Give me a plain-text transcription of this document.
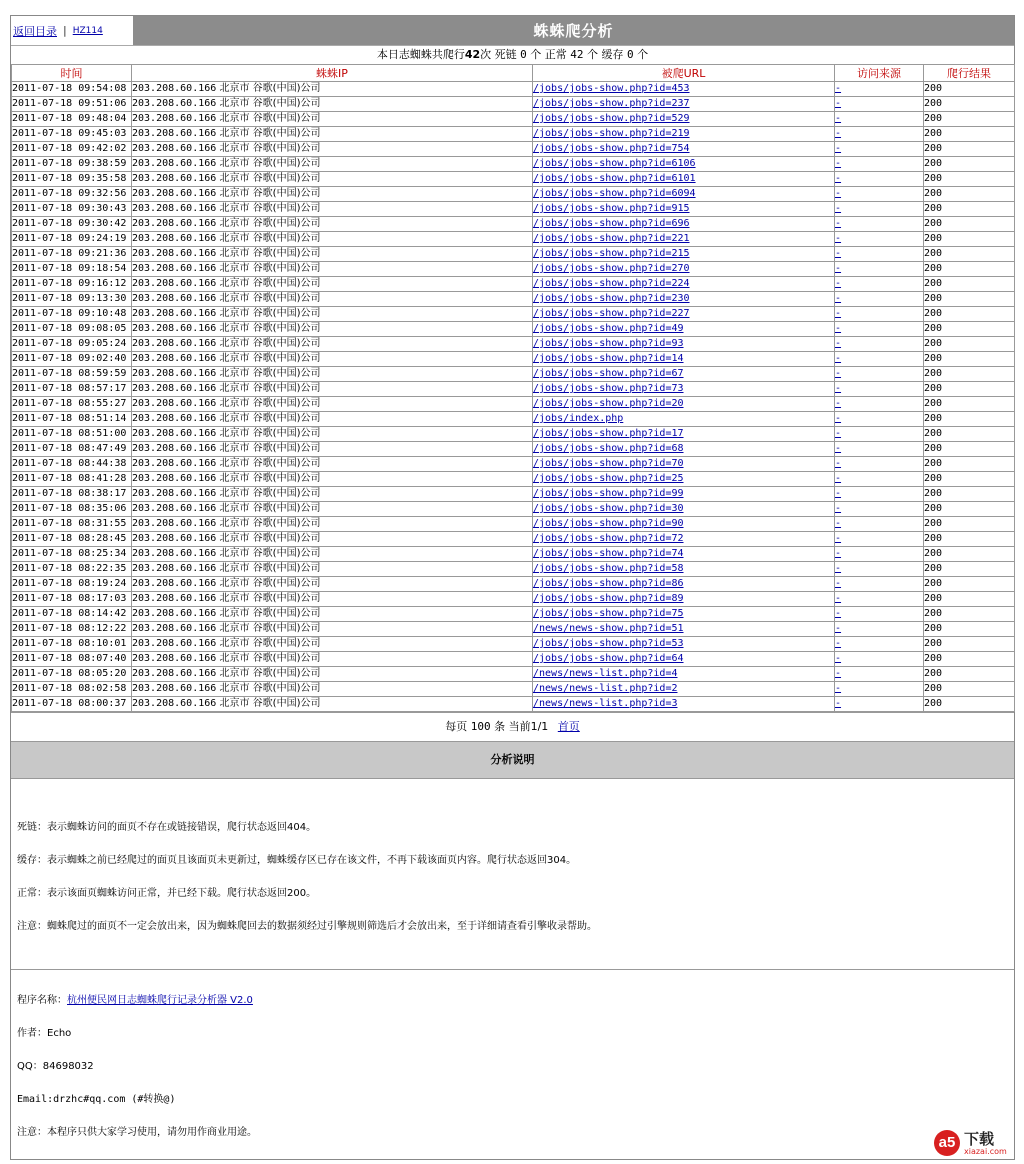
返回目录 | HZ114	蛛蛛爬分析
本日志蜘蛛共爬行42次 死链 0 个 正常 42 个 缓存 0 个
时间	蛛蛛IP	被爬URL	访问来源	爬行结果
2011-07-18 09:54:08	203.208.60.166 北京市 谷歌(中国)公司	/jobs/jobs-show.php?id=453	-	200
2011-07-18 09:51:06	203.208.60.166 北京市 谷歌(中国)公司	/jobs/jobs-show.php?id=237	-	200
2011-07-18 09:48:04	203.208.60.166 北京市 谷歌(中国)公司	/jobs/jobs-show.php?id=529	-	200
2011-07-18 09:45:03	203.208.60.166 北京市 谷歌(中国)公司	/jobs/jobs-show.php?id=219	-	200
2011-07-18 09:42:02	203.208.60.166 北京市 谷歌(中国)公司	/jobs/jobs-show.php?id=754	-	200
2011-07-18 09:38:59	203.208.60.166 北京市 谷歌(中国)公司	/jobs/jobs-show.php?id=6106	-	200
2011-07-18 09:35:58	203.208.60.166 北京市 谷歌(中国)公司	/jobs/jobs-show.php?id=6101	-	200
2011-07-18 09:32:56	203.208.60.166 北京市 谷歌(中国)公司	/jobs/jobs-show.php?id=6094	-	200
2011-07-18 09:30:43	203.208.60.166 北京市 谷歌(中国)公司	/jobs/jobs-show.php?id=915	-	200
2011-07-18 09:30:42	203.208.60.166 北京市 谷歌(中国)公司	/jobs/jobs-show.php?id=696	-	200
2011-07-18 09:24:19	203.208.60.166 北京市 谷歌(中国)公司	/jobs/jobs-show.php?id=221	-	200
2011-07-18 09:21:36	203.208.60.166 北京市 谷歌(中国)公司	/jobs/jobs-show.php?id=215	-	200
2011-07-18 09:18:54	203.208.60.166 北京市 谷歌(中国)公司	/jobs/jobs-show.php?id=270	-	200
2011-07-18 09:16:12	203.208.60.166 北京市 谷歌(中国)公司	/jobs/jobs-show.php?id=224	-	200
2011-07-18 09:13:30	203.208.60.166 北京市 谷歌(中国)公司	/jobs/jobs-show.php?id=230	-	200
2011-07-18 09:10:48	203.208.60.166 北京市 谷歌(中国)公司	/jobs/jobs-show.php?id=227	-	200
2011-07-18 09:08:05	203.208.60.166 北京市 谷歌(中国)公司	/jobs/jobs-show.php?id=49	-	200
2011-07-18 09:05:24	203.208.60.166 北京市 谷歌(中国)公司	/jobs/jobs-show.php?id=93	-	200
2011-07-18 09:02:40	203.208.60.166 北京市 谷歌(中国)公司	/jobs/jobs-show.php?id=14	-	200
2011-07-18 08:59:59	203.208.60.166 北京市 谷歌(中国)公司	/jobs/jobs-show.php?id=67	-	200
2011-07-18 08:57:17	203.208.60.166 北京市 谷歌(中国)公司	/jobs/jobs-show.php?id=73	-	200
2011-07-18 08:55:27	203.208.60.166 北京市 谷歌(中国)公司	/jobs/jobs-show.php?id=20	-	200
2011-07-18 08:51:14	203.208.60.166 北京市 谷歌(中国)公司	/jobs/index.php	-	200
2011-07-18 08:51:00	203.208.60.166 北京市 谷歌(中国)公司	/jobs/jobs-show.php?id=17	-	200
2011-07-18 08:47:49	203.208.60.166 北京市 谷歌(中国)公司	/jobs/jobs-show.php?id=68	-	200
2011-07-18 08:44:38	203.208.60.166 北京市 谷歌(中国)公司	/jobs/jobs-show.php?id=70	-	200
2011-07-18 08:41:28	203.208.60.166 北京市 谷歌(中国)公司	/jobs/jobs-show.php?id=25	-	200
2011-07-18 08:38:17	203.208.60.166 北京市 谷歌(中国)公司	/jobs/jobs-show.php?id=99	-	200
2011-07-18 08:35:06	203.208.60.166 北京市 谷歌(中国)公司	/jobs/jobs-show.php?id=30	-	200
2011-07-18 08:31:55	203.208.60.166 北京市 谷歌(中国)公司	/jobs/jobs-show.php?id=90	-	200
2011-07-18 08:28:45	203.208.60.166 北京市 谷歌(中国)公司	/jobs/jobs-show.php?id=72	-	200
2011-07-18 08:25:34	203.208.60.166 北京市 谷歌(中国)公司	/jobs/jobs-show.php?id=74	-	200
2011-07-18 08:22:35	203.208.60.166 北京市 谷歌(中国)公司	/jobs/jobs-show.php?id=58	-	200
2011-07-18 08:19:24	203.208.60.166 北京市 谷歌(中国)公司	/jobs/jobs-show.php?id=86	-	200
2011-07-18 08:17:03	203.208.60.166 北京市 谷歌(中国)公司	/jobs/jobs-show.php?id=89	-	200
2011-07-18 08:14:42	203.208.60.166 北京市 谷歌(中国)公司	/jobs/jobs-show.php?id=75	-	200
2011-07-18 08:12:22	203.208.60.166 北京市 谷歌(中国)公司	/news/news-show.php?id=51	-	200
2011-07-18 08:10:01	203.208.60.166 北京市 谷歌(中国)公司	/jobs/jobs-show.php?id=53	-	200
2011-07-18 08:07:40	203.208.60.166 北京市 谷歌(中国)公司	/jobs/jobs-show.php?id=64	-	200
2011-07-18 08:05:20	203.208.60.166 北京市 谷歌(中国)公司	/news/news-list.php?id=4	-	200
2011-07-18 08:02:58	203.208.60.166 北京市 谷歌(中国)公司	/news/news-list.php?id=2	-	200
2011-07-18 08:00:37	203.208.60.166 北京市 谷歌(中国)公司	/news/news-list.php?id=3	-	200
每页 100 条 当前1/1 首页
分析说明

死链：表示蜘蛛访问的面页不存在或链接错误，爬行状态返回404。

缓存：表示蜘蛛之前已经爬过的面页且该面页未更新过，蜘蛛缓存区已存在该文件，不再下载该面页内容。爬行状态返回304。

正常：表示该面页蜘蛛访问正常，并已经下载。爬行状态返回200。

注意：蜘蛛爬过的面页不一定会放出来，因为蜘蛛爬回去的数据须经过引擎规则筛选后才会放出来，至于详细请查看引擎收录帮助。

程序名称：杭州便民网日志蜘蛛爬行记录分析器 V2.0

作者：Echo

QQ：84698032

Email:drzhc#qq.com (#转换@)

注意：本程序只供大家学习使用，请勿用作商业用途。

a5 下载
xiazai.com
